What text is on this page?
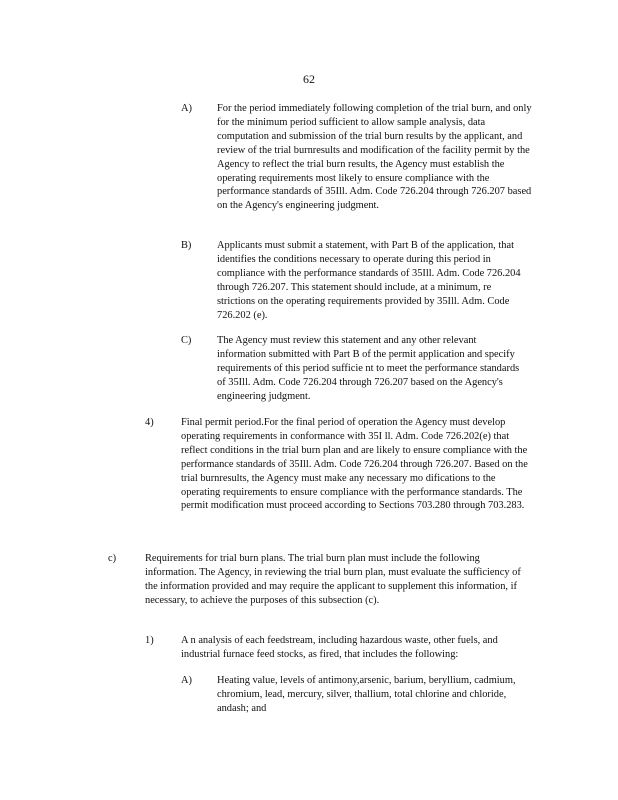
62
A) For the period immediately following completion of the trial burn, and only for the minimum period sufficient to allow sample analysis, data computation and submission of the trial burn results by the applicant, and review of the trial burnresults and modification of the facility permit by the Agency to reflect the trial burn results, the Agency must establish the operating requirements most likely to ensure compliance with the performance standards of 35Ill. Adm. Code 726.204 through 726.207 based on the Agency's engineering judgment.
B) Applicants must submit a statement, with Part B of the application, that identifies the conditions necessary to operate during this period in compliance with the performance standards of 35Ill. Adm. Code 726.204 through 726.207. This statement should include, at a minimum, re strictions on the operating requirements provided by 35Ill. Adm. Code 726.202 (e).
C) The Agency must review this statement and any other relevant information submitted with Part B of the permit application and specify requirements of this period sufficie nt to meet the performance standards of 35Ill. Adm. Code 726.204 through 726.207 based on the Agency's engineering judgment.
4)	Final permit period.For the final period of operation the Agency must develop operating requirements in conformance with 35I ll. Adm. Code 726.202(e) that reflect conditions in the trial burn plan and are likely to ensure compliance with the performance standards of 35Ill. Adm. Code 726.204 through 726.207. Based on the trial burnresults, the Agency must make any necessary mo difications to the operating requirements to ensure compliance with the performance standards. The permit modification must proceed according to Sections 703.280 through 703.283.
c)	Requirements for trial burn plans. The trial burn plan must include the following information. The Agency, in reviewing the trial burn plan, must evaluate the sufficiency of the information provided and may require the applicant to supplement this information, if necessary, to achieve the purposes of this subsection (c).
1)	A n analysis of each feedstream, including hazardous waste, other fuels, and industrial furnace feed stocks, as fired, that includes the following:
A) Heating value, levels of antimony,arsenic, barium, beryllium, cadmium, chromium, lead, mercury, silver, thallium, total chlorine and chloride, andash; and
